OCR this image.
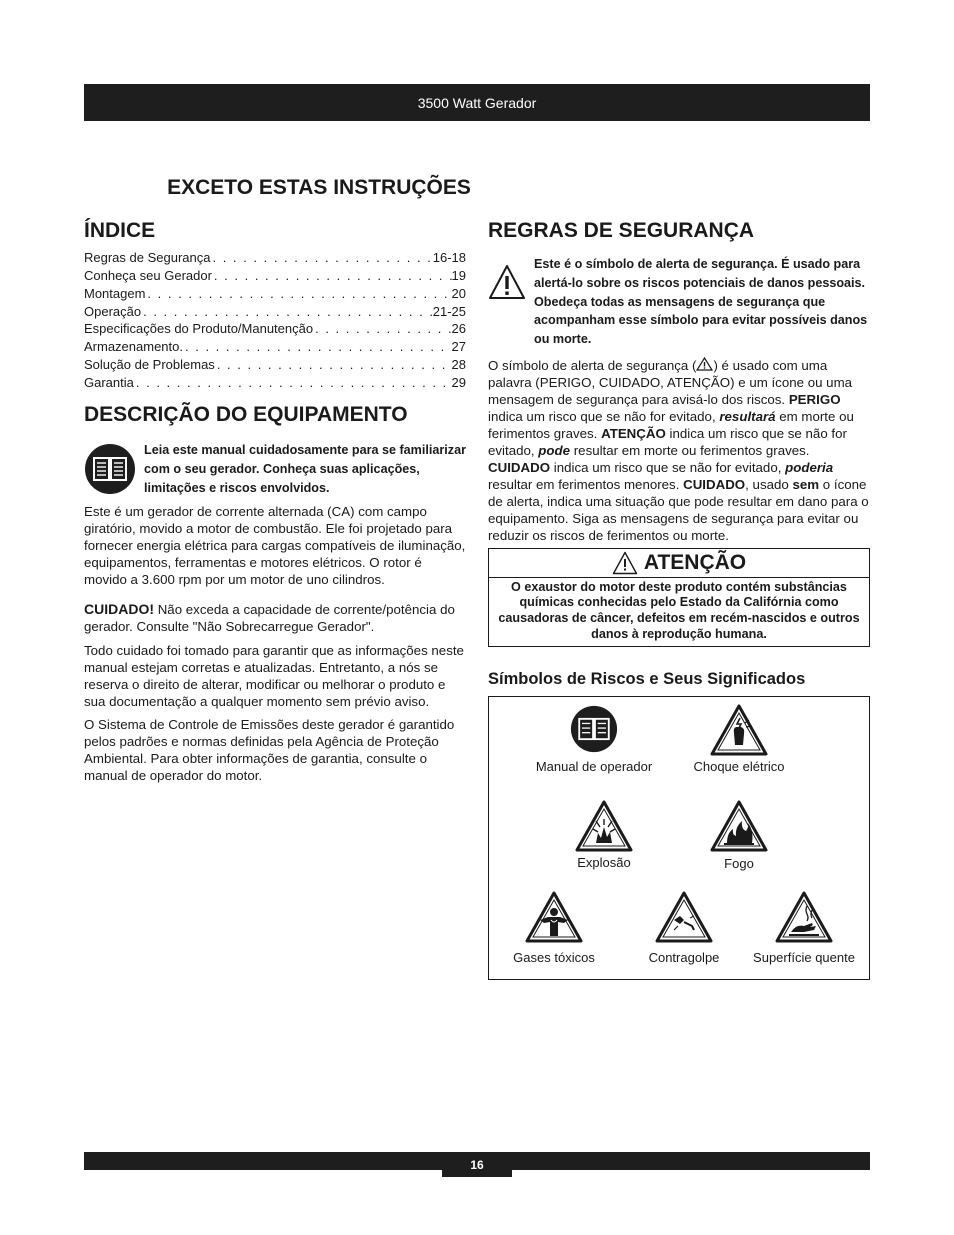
3500 Watt Gerador
EXCETO ESTAS INSTRUÇÕES
ÍNDICE
Regras de Segurança . . .	16-18
Conheça seu Gerador . . .	19
Montagem . . .	20
Operação . . .	21-25
Especificações do Produto/Manutenção . . .	26
Armazenamento. . . .	27
Solução de Problemas . . .	28
Garantia . . .	29
DESCRIÇÃO DO EQUIPAMENTO
Leia este manual cuidadosamente para se familiarizar com o seu gerador. Conheça suas aplicações, limitações e riscos envolvidos.

Este é um gerador de corrente alternada (CA) com campo giratório, movido a motor de combustão. Ele foi projetado para fornecer energia elétrica para cargas compatíveis de iluminação, equipamentos, ferramentas e motores elétricos. O rotor é movido a 3.600 rpm por um motor de uno cilindros.

CUIDADO! Não exceda a capacidade de corrente/potência do gerador. Consulte "Não Sobrecarregue Gerador".

Todo cuidado foi tomado para garantir que as informações neste manual estejam corretas e atualizadas. Entretanto, a nós se reserva o direito de alterar, modificar ou melhorar o produto e sua documentação a qualquer momento sem prévio aviso.

O Sistema de Controle de Emissões deste gerador é garantido pelos padrões e normas definidas pela Agência de Proteção Ambiental. Para obter informações de garantia, consulte o manual de operador do motor.

REGRAS DE SEGURANÇA
Este é o símbolo de alerta de segurança. É usado para alertá-lo sobre os riscos potenciais de danos pessoais. Obedeça todas as mensagens de segurança que acompanham esse símbolo para evitar possíveis danos ou morte.

O símbolo de alerta de segurança ( ) é usado com uma palavra (PERIGO, CUIDADO, ATENÇÃO) e um ícone ou uma mensagem de segurança para avisá-lo dos riscos. PERIGO indica um risco que se não for evitado, resultará em morte ou ferimentos graves. ATENÇÃO indica um risco que se não for evitado, pode resultar em morte ou ferimentos graves. CUIDADO indica um risco que se não for evitado, poderia resultar em ferimentos menores. CUIDADO, usado sem o ícone de alerta, indica uma situação que pode resultar em dano para o equipamento. Siga as mensagens de segurança para evitar ou reduzir os riscos de ferimentos ou morte.

ATENÇÃO
O exaustor do motor deste produto contém substâncias químicas conhecidas pelo Estado da Califórnia como causadoras de câncer, defeitos em recém-nascidos e outros danos à reprodução humana.
Símbolos de Riscos e Seus Significados
Manual de operador	Choque elétrico
Explosão	Fogo
Gases tóxicos	Contragolpe	Superfície quente
16
